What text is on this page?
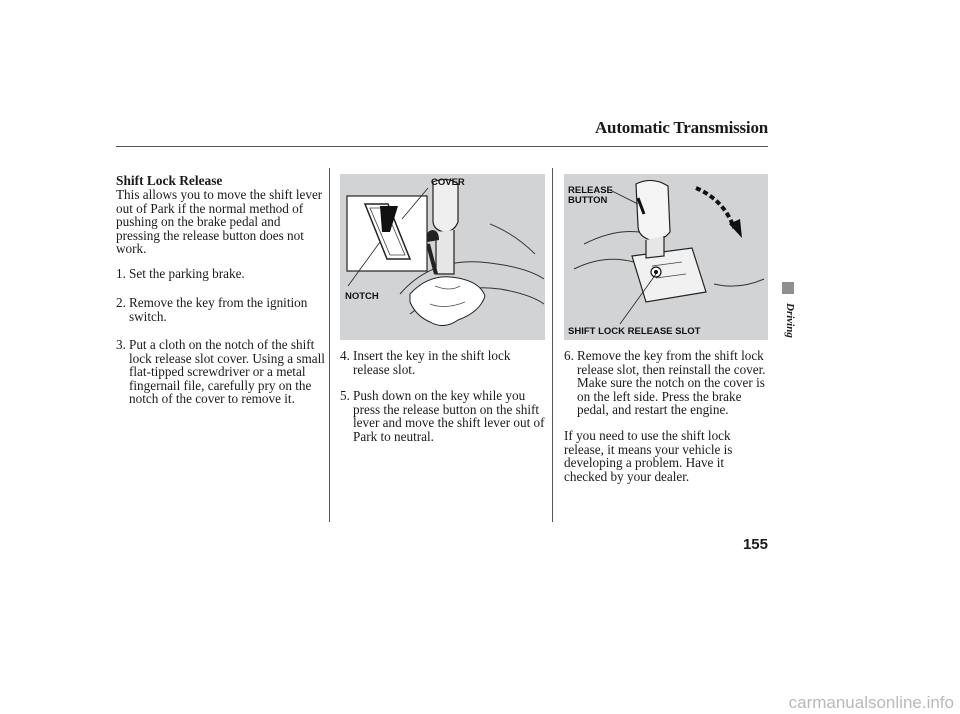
Automatic Transmission
Shift Lock Release
This allows you to move the shift lever out of Park if the normal method of pushing on the brake pedal and pressing the release button does not work.
1. Set the parking brake.
2. Remove the key from the ignition switch.
3. Put a cloth on the notch of the shift lock release slot cover. Using a small flat-tipped screwdriver or a metal fingernail file, carefully pry on the notch of the cover to remove it.
COVER
NOTCH
4. Insert the key in the shift lock release slot.
5. Push down on the key while you press the release button on the shift lever and move the shift lever out of Park to neutral.
RELEASE
BUTTON
SHIFT LOCK RELEASE SLOT
6. Remove the key from the shift lock release slot, then reinstall the cover. Make sure the notch on the cover is on the left side. Press the brake pedal, and restart the engine.
If you need to use the shift lock release, it means your vehicle is developing a problem. Have it checked by your dealer.
Driving
155
carmanualsonline.info
